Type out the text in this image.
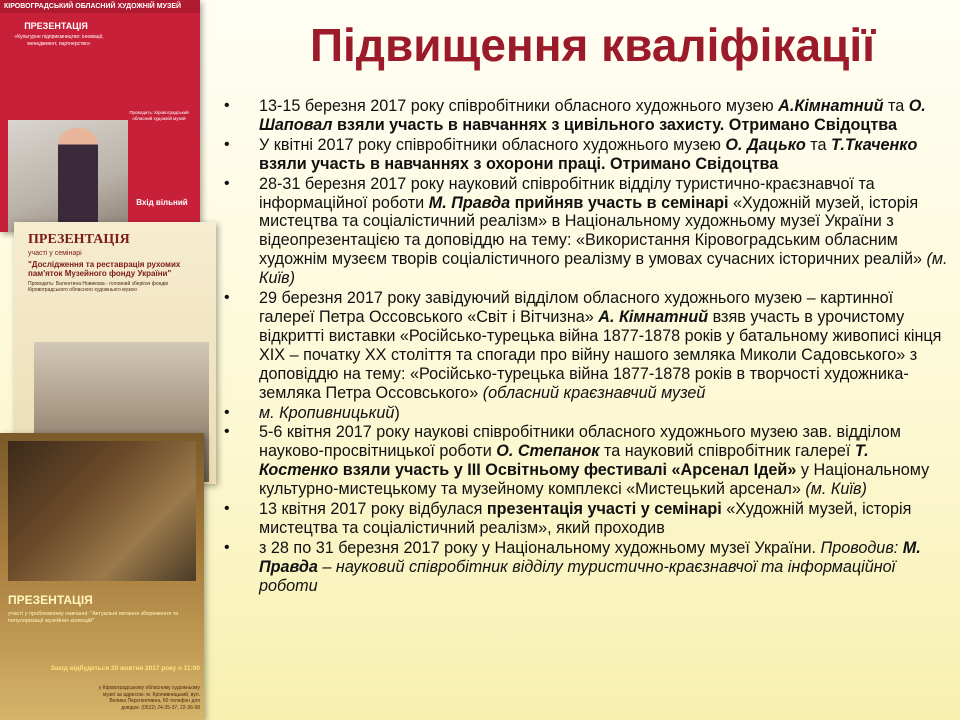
КІРОВОГРАДСЬКИЙ ОБЛАСНИЙ ХУДОЖНІЙ МУЗЕЙ
ПРЕЗЕНТАЦІЯ
«Культурне підприємництво: інновації, менеджмент, партнерство»
Проводить: Кіровоградський обласний художній музей
Вхід вільний
ПРЕЗЕНТАЦІЯ
участі у семінарі
"Дослідження та реставрація рухомих пам'яток Музейного фонду України"
Проводить: Валентина Новикова - головний зберігач фондів Кіровоградського обласного художнього музею
ПРЕЗЕНТАЦІЯ
участі у проблемному навчанні: "Актуальні питання збереження та популяризації музейних колекцій"
Захід відбудеться 20 жовтня 2017 року о 11:00
у Кіровоградському обласному художньому музеї за адресою: м. Кропивницький, вул. Велика Перспективна, 60 телефон для довідок: (0522) 24-35-37, 22-36-98
Підвищення кваліфікації
• 13-15 березня 2017 року співробітники обласного художнього музею А.Кімнатний та О. Шаповал взяли участь в навчаннях з цивільного захисту. Отримано Свідоцтва
• У квітні 2017 року співробітники обласного художнього музею О. Дацько та Т.Ткаченко взяли участь в навчаннях з охорони праці. Отримано Свідоцтва
• 28-31 березня 2017 року науковий співробітник відділу туристично-краєзнавчої та інформаційної роботи М. Правда прийняв участь в семінарі «Художній музей, історія мистецтва та соціалістичний реалізм» в Національному художньому музеї України з відеопрезентацією та доповіддю на тему: «Використання Кіровоградським обласним художнім музеєм творів соціалістичного реалізму в умовах сучасних історичних реалій» (м. Київ)
• 29 березня 2017 року завідуючий відділом обласного художнього музею – картинної галереї Петра Оссовського «Світ і Вітчизна» А. Кімнатний взяв участь в урочистому відкритті виставки «Російсько-турецька війна 1877-1878 років у батальному живописі кінця ХІХ – початку ХХ століття та спогади про війну нашого земляка Миколи Садовського» з доповіддю на тему: «Російсько-турецька війна 1877-1878 років в творчості художника-земляка Петра Оссовського» (обласний краєзнавчий музей
• м. Кропивницький)
• 5-6 квітня 2017 року наукові співробітники обласного художнього музею зав. відділом науково-просвітницької роботи О. Степанок та науковий співробітник галереї Т. Костенко взяли участь у ІІІ Освітньому фестивалі «Арсенал Ідей» у Національному культурно-мистецькому та музейному комплексі «Мистецький арсенал» (м. Київ)
• 13 квітня 2017 року відбулася презентація участі у семінарі «Художній музей, історія мистецтва та соціалістичний реалізм», який проходив
• з 28 по 31 березня 2017 року у Національному художньому музеї України. Проводив: М. Правда – науковий співробітник відділу туристично-краєзнавчої та інформаційної роботи
